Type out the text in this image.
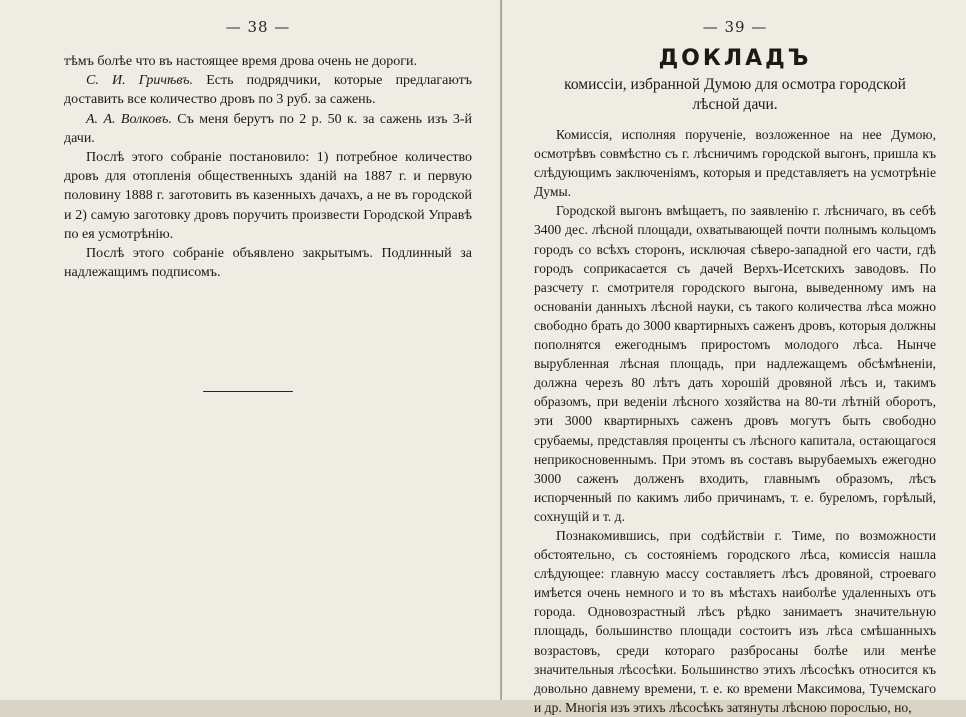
— 38 —

тѣмъ болѣе что въ настоящее время дрова очень не дороги.

С. И. Гричѣвъ. Есть подрядчики, которые предлагаютъ доставить все количество дровъ по 3 руб. за сажень.

А. А. Волковъ. Съ меня берутъ по 2 р. 50 к. за сажень изъ 3-й дачи.

Послѣ этого собраніе постановило: 1) потребное количество дровъ для отопленія общественныхъ зданій на 1887 г. и первую половину 1888 г. заготовить въ казенныхъ дачахъ, а не въ городской и 2) самую заготовку дровъ поручить произвести Городской Управѣ по ея усмотрѣнію.

Послѣ этого собраніе объявлено закрытымъ. Подлинный за надлежащимъ подписомъ.

— 39 —
ДОКЛАДЪ
комиссіи, избранной Думою для осмотра городской лѣсной дачи.

Комиссія, исполняя порученіе, возложенное на нее Думою, осмотрѣвъ совмѣстно съ г. лѣсничимъ городской выгонъ, пришла къ слѣдующимъ заключеніямъ, которыя и представляетъ на усмотрѣніе Думы.

Городской выгонъ вмѣщаетъ, по заявленію г. лѣсничаго, въ себѣ 3400 дес. лѣсной площади, охватывающей почти полнымъ кольцомъ городъ со всѣхъ сторонъ, исключая сѣверо-западной его части, гдѣ городъ соприкасается съ дачей Верхъ-Исетскихъ заводовъ. По разсчету г. смотрителя городского выгона, выведенному имъ на основаніи данныхъ лѣсной науки, съ такого количества лѣса можно свободно брать до 3000 квартирныхъ саженъ дровъ, которыя должны пополнятся ежегоднымъ приростомъ молодого лѣса. Нынче вырубленная лѣсная площадь, при надлежащемъ обсѣмѣненіи, должна черезъ 80 лѣтъ дать хорошій дровяной лѣсъ и, такимъ образомъ, при веденіи лѣсного хозяйства на 80-ти лѣтній оборотъ, эти 3000 квартирныхъ саженъ дровъ могутъ быть свободно срубаемы, представляя проценты съ лѣсного капитала, остающагося неприкосновеннымъ. При этомъ въ составъ вырубаемыхъ ежегодно 3000 саженъ долженъ входить, главнымъ образомъ, лѣсъ испорченный по какимъ либо причинамъ, т. е. буреломъ, горѣлый, сохнущій и т. д.

Познакомившись, при содѣйствіи г. Тиме, по возможности обстоятельно, съ состояніемъ городского лѣса, комиссія нашла слѣдующее: главную массу составляетъ лѣсъ дровяной, строеваго имѣется очень немного и то въ мѣстахъ наиболѣе удаленныхъ отъ города. Одновозрастный лѣсъ рѣдко занимаетъ значительную площадь, большинство площади состоитъ изъ лѣса смѣшанныхъ возрастовъ, среди котораго разбросаны болѣе или менѣе значительныя лѣсосѣки. Большинство этихъ лѣсосѣкъ относится къ довольно давнему времени, т. е. ко времени Максимова, Тучемскаго и др. Многія изъ этихъ лѣсосѣкъ затянуты лѣсною порослью, но,
